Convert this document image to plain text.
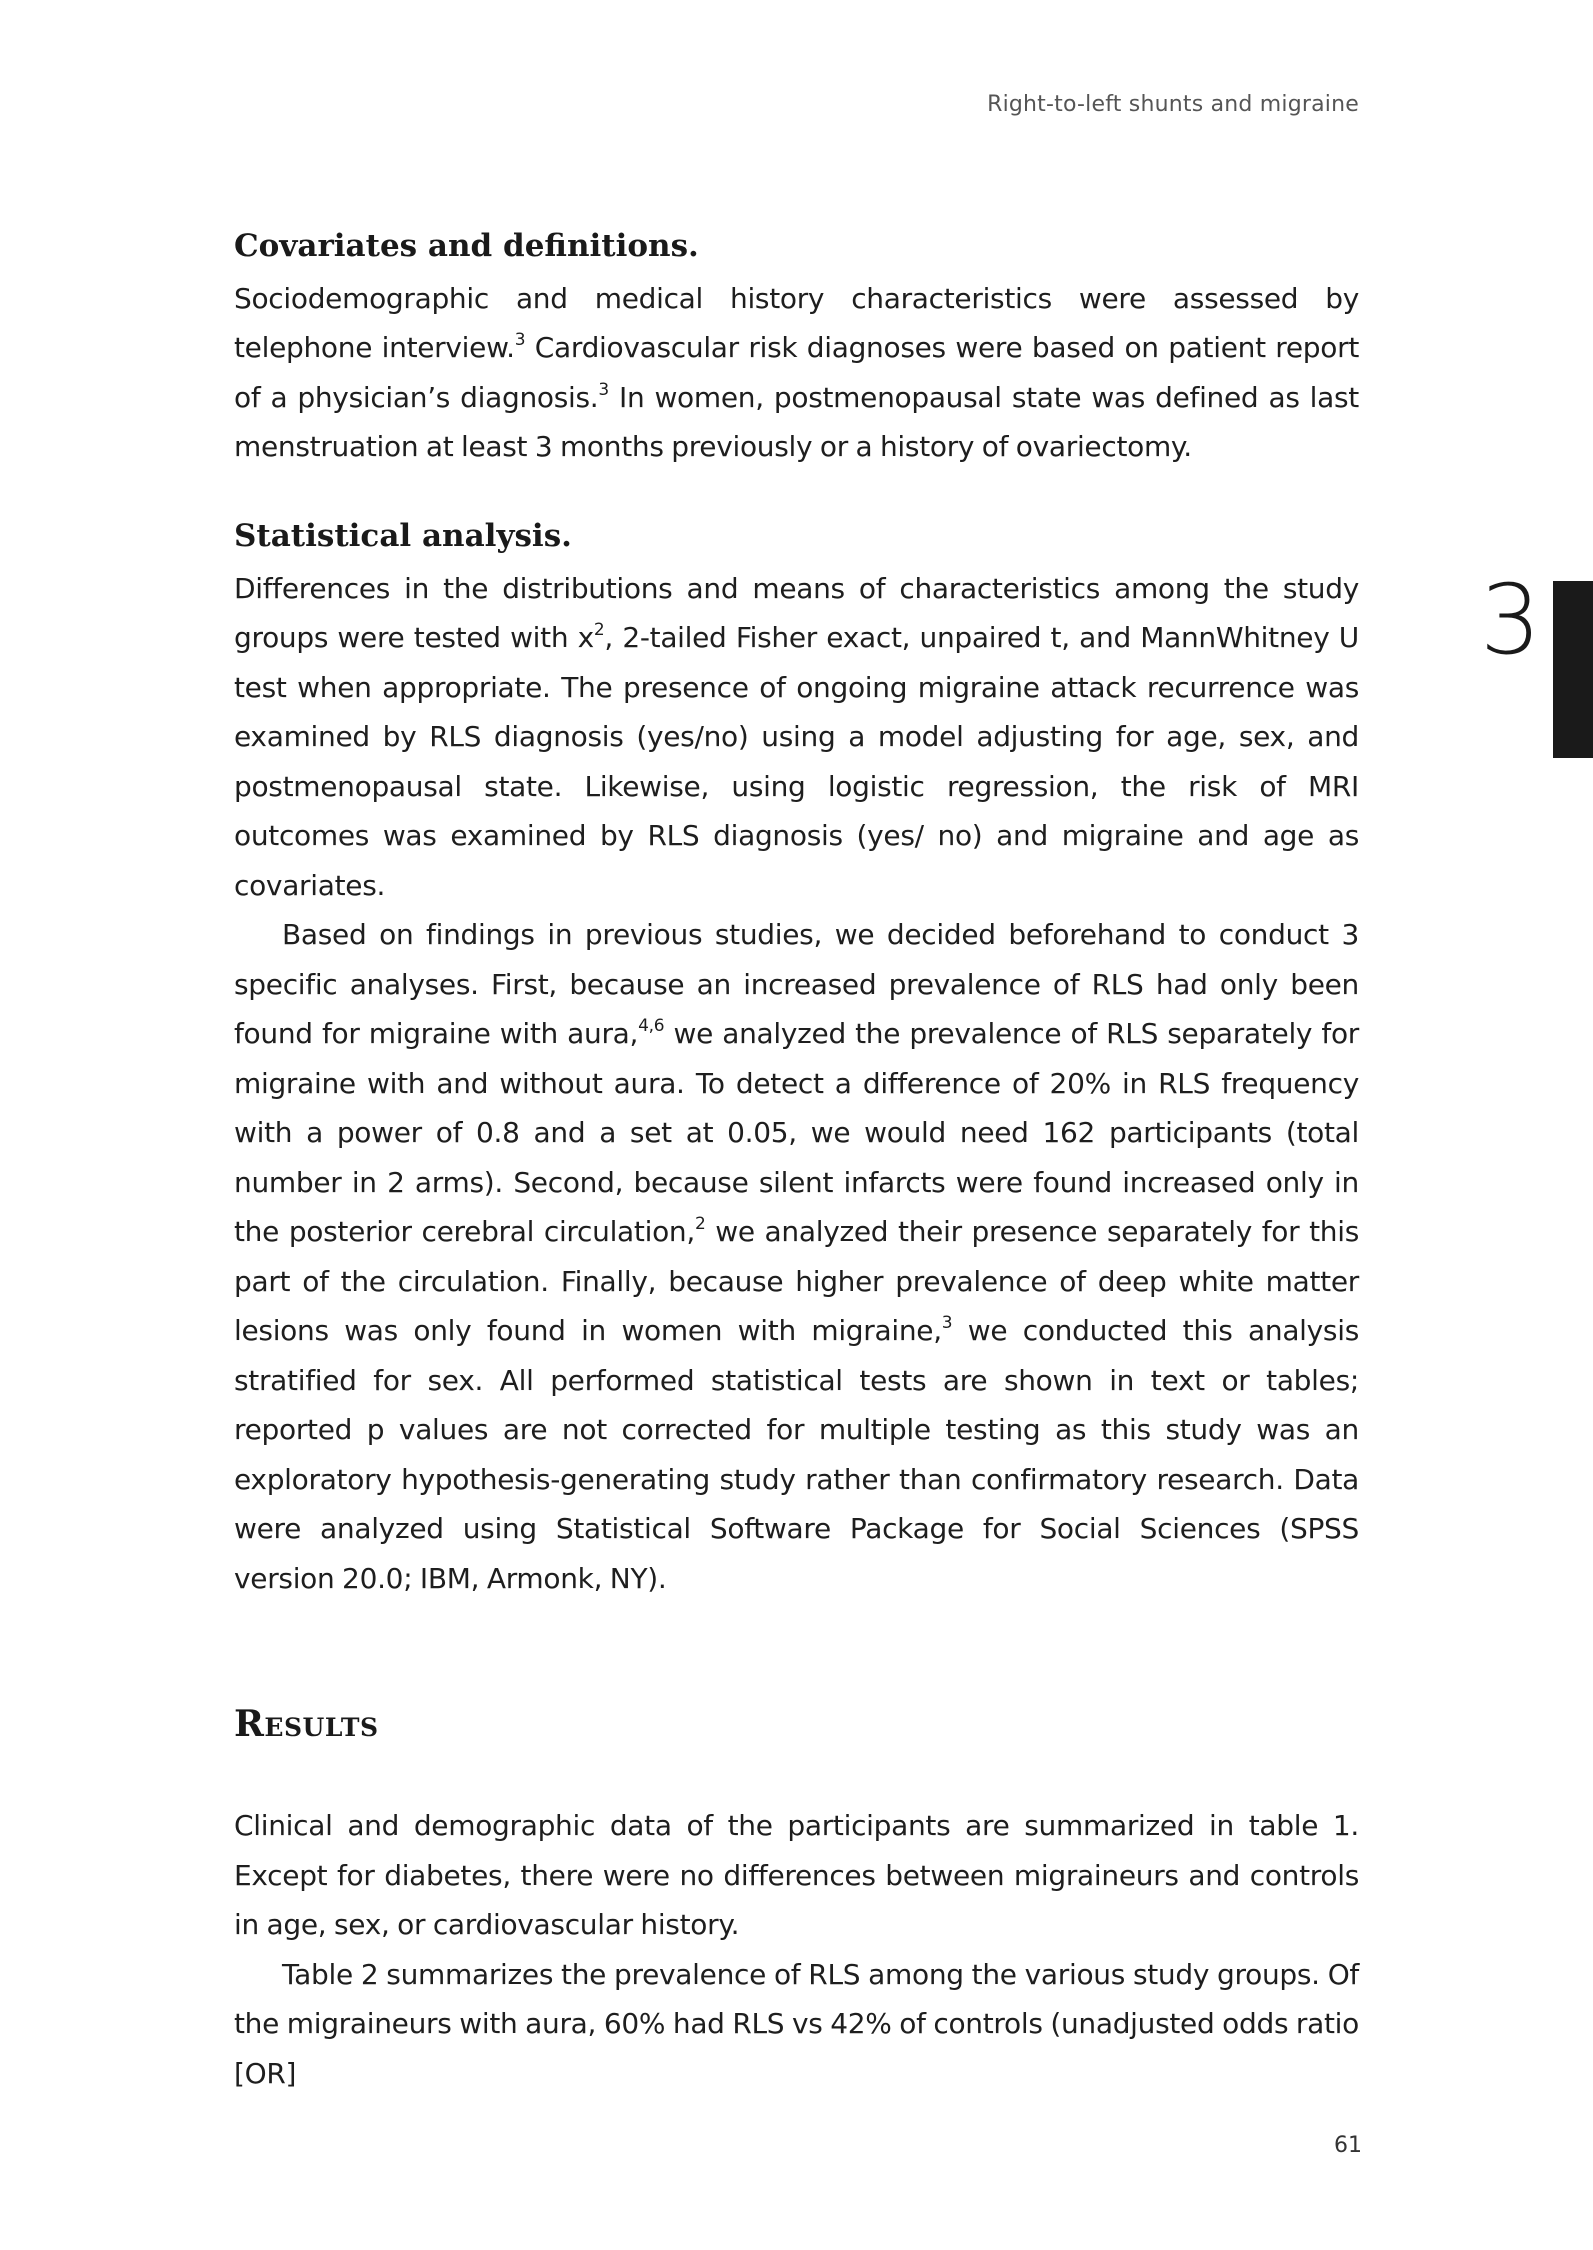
Right-to-left shunts and migraine
3
Covariates and definitions.

Sociodemographic and medical history characteristics were assessed by telephone interview.$^3$ Cardiovascular risk diagnoses were based on patient report of a physician’s diagnosis.$^3$ In women, postmenopausal state was defined as last menstruation at least 3 months previously or a history of ovariectomy.

Statistical analysis.

Differences in the distributions and means of characteristics among the study groups were tested with $x^2$, 2-tailed Fisher exact, unpaired t, and MannWhitney U test when appropriate. The presence of ongoing migraine attack recurrence was examined by RLS diagnosis (yes/no) using a model adjusting for age, sex, and postmenopausal state. Likewise, using logistic regression, the risk of MRI outcomes was examined by RLS diagnosis (yes/ no) and migraine and age as covariates.

Based on findings in previous studies, we decided beforehand to conduct 3 specific analyses. First, because an increased prevalence of RLS had only been found for migraine with aura,$^{4,6}$ we analyzed the prevalence of RLS separately for migraine with and without aura. To detect a difference of 20% in RLS frequency with a power of 0.8 and a set at 0.05, we would need 162 participants (total number in 2 arms). Second, because silent infarcts were found increased only in the posterior cerebral circulation,$^2$ we analyzed their presence separately for this part of the circulation. Finally, because higher prevalence of deep white matter lesions was only found in women with migraine,$^3$ we conducted this analysis stratified for sex. All performed statistical tests are shown in text or tables; reported p values are not corrected for multiple testing as this study was an exploratory hypothesis-generating study rather than confirmatory research. Data were analyzed using Statistical Software Package for Social Sciences (SPSS version 20.0; IBM, Armonk, NY).

Results

Clinical and demographic data of the participants are summarized in table 1. Except for diabetes, there were no differences between migraineurs and controls in age, sex, or cardiovascular history.

Table 2 summarizes the prevalence of RLS among the various study groups. Of the migraineurs with aura, 60% had RLS vs 42% of controls (unadjusted odds ratio [OR]

61
